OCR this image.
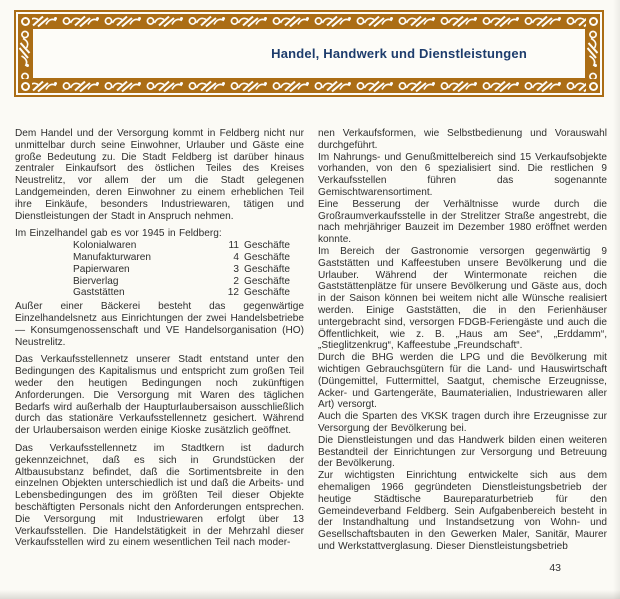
Handel, Handwerk und Dienstleistungen

Dem Handel und der Versorgung kommt in Feldberg nicht nur unmittelbar durch seine Einwohner, Urlauber und Gäste eine große Bedeutung zu. Die Stadt Feldberg ist darüber hinaus zentraler Einkaufsort des östlichen Teiles des Kreises Neustrelitz, vor allem der um die Stadt gelegenen Landgemeinden, deren Einwohner zu einem erheblichen Teil ihre Einkäufe, besonders Industriewaren, tätigen und Dienstleistungen der Stadt in Anspruch nehmen.

Im Einzelhandel gab es vor 1945 in Feldberg:

Kolonialwaren	11 Geschäfte
Manufakturwaren	4 Geschäfte
Papierwaren	3 Geschäfte
Bierverlag	2 Geschäfte
Gaststätten	12 Geschäfte

Außer einer Bäckerei besteht das gegenwärtige Einzelhandelsnetz aus Einrichtungen der zwei Handelsbetriebe — Konsumgenossenschaft und VE Handelsorganisation (HO) Neustrelitz.

Das Verkaufsstellennetz unserer Stadt entstand unter den Bedingungen des Kapitalismus und entspricht zum großen Teil weder den heutigen Bedingungen noch zukünftigen Anforderungen. Die Versorgung mit Waren des täglichen Bedarfs wird außerhalb der Haupturlaubersaison ausschließlich durch das stationäre Verkaufsstellennetz gesichert. Während der Urlaubersaison werden einige Kioske zusätzlich geöffnet.

Das Verkaufsstellennetz im Stadtkern ist dadurch gekennzeichnet, daß es sich in Grundstücken der Altbausubstanz befindet, daß die Sortimentsbreite in den einzelnen Objekten unterschiedlich ist und daß die Arbeits- und Lebensbedingungen des im größten Teil dieser Objekte beschäftigten Personals nicht den Anforderungen entsprechen. Die Versorgung mit Industriewaren erfolgt über 13 Verkaufsstellen. Die Handelstätigkeit in der Mehrzahl dieser Verkaufsstellen wird zu einem wesentlichen Teil nach moder-

nen Verkaufsformen, wie Selbstbedienung und Vorauswahl durchgeführt.

Im Nahrungs- und Genußmittelbereich sind 15 Verkaufsobjekte vorhanden, von den 6 spezialisiert sind. Die restlichen 9 Verkaufsstellen führen das sogenannte Gemischtwarensortiment.

Eine Besserung der Verhältnisse wurde durch die Großraumverkaufsstelle in der Strelitzer Straße angestrebt, die nach mehrjähriger Bauzeit im Dezember 1980 eröffnet werden konnte.

Im Bereich der Gastronomie versorgen gegenwärtig 9 Gaststätten und Kaffeestuben unsere Bevölkerung und die Urlauber. Während der Wintermonate reichen die Gaststättenplätze für unsere Bevölkerung und Gäste aus, doch in der Saison können bei weitem nicht alle Wünsche realisiert werden. Einige Gaststätten, die in den Ferienhäuser untergebracht sind, versorgen FDGB-Feriengäste und auch die Öffentlichkeit, wie z. B. „Haus am See“, „Erddamm“, „Stieglitzenkrug“, Kaffeestube „Freundschaft“.

Durch die BHG werden die LPG und die Bevölkerung mit wichtigen Gebrauchsgütern für die Land- und Hauswirtschaft (Düngemittel, Futtermittel, Saatgut, chemische Erzeugnisse, Acker- und Gartengeräte, Baumaterialien, Industriewaren aller Art) versorgt.

Auch die Sparten des VKSK tragen durch ihre Erzeugnisse zur Versorgung der Bevölkerung bei.

Die Dienstleistungen und das Handwerk bilden einen weiteren Bestandteil der Einrichtungen zur Versorgung und Betreuung der Bevölkerung.

Zur wichtigsten Einrichtung entwickelte sich aus dem ehemaligen 1966 gegründeten Dienstleistungsbetrieb der heutige Städtische Baureparaturbetrieb für den Gemeindeverband Feldberg. Sein Aufgabenbereich besteht in der Instandhaltung und Instandsetzung von Wohn- und Gesellschaftsbauten in den Gewerken Maler, Sanitär, Maurer und Werkstattverglasung. Dieser Dienstleistungsbetrieb

43
